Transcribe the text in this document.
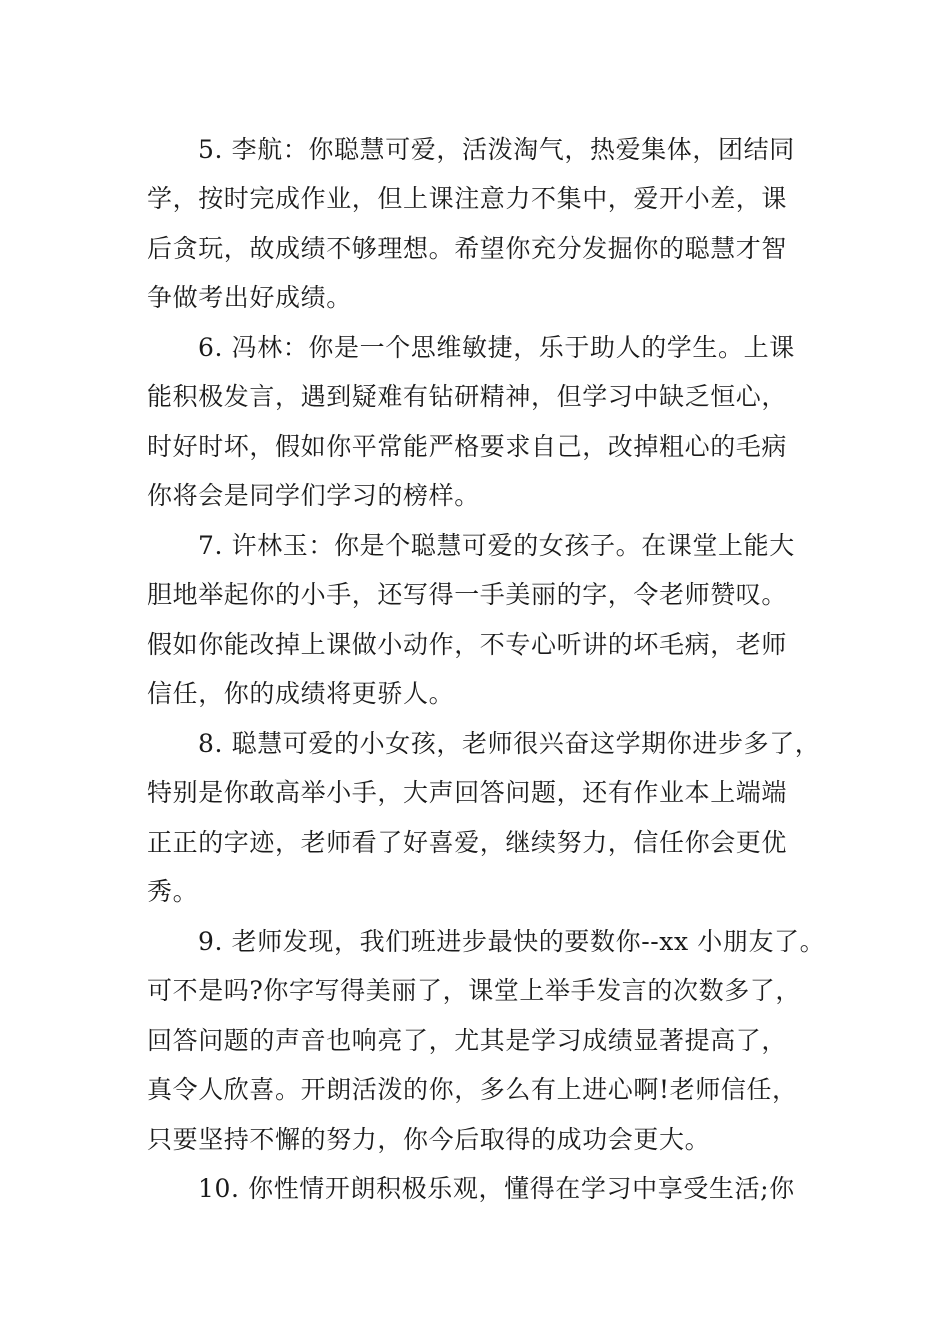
5. 李航：你聪慧可爱，活泼淘气，热爱集体，团结同

学，按时完成作业，但上课注意力不集中，爱开小差，课

后贪玩，故成绩不够理想。希望你充分发掘你的聪慧才智

争做考出好成绩。

6. 冯林：你是一个思维敏捷，乐于助人的学生。上课

能积极发言，遇到疑难有钻研精神，但学习中缺乏恒心，

时好时坏，假如你平常能严格要求自己，改掉粗心的毛病

你将会是同学们学习的榜样。

7. 许林玉：你是个聪慧可爱的女孩子。在课堂上能大

胆地举起你的小手，还写得一手美丽的字，令老师赞叹。

假如你能改掉上课做小动作，不专心听讲的坏毛病，老师

信任，你的成绩将更骄人。

8. 聪慧可爱的小女孩，老师很兴奋这学期你进步多了，

特别是你敢高举小手，大声回答问题，还有作业本上端端

正正的字迹，老师看了好喜爱，继续努力，信任你会更优

秀。

9. 老师发现，我们班进步最快的要数你--xx 小朋友了。

可不是吗?你字写得美丽了，课堂上举手发言的次数多了，

回答问题的声音也响亮了，尤其是学习成绩显著提高了，

真令人欣喜。开朗活泼的你，多么有上进心啊!老师信任，

只要坚持不懈的努力，你今后取得的成功会更大。

10. 你性情开朗积极乐观，懂得在学习中享受生活;你
